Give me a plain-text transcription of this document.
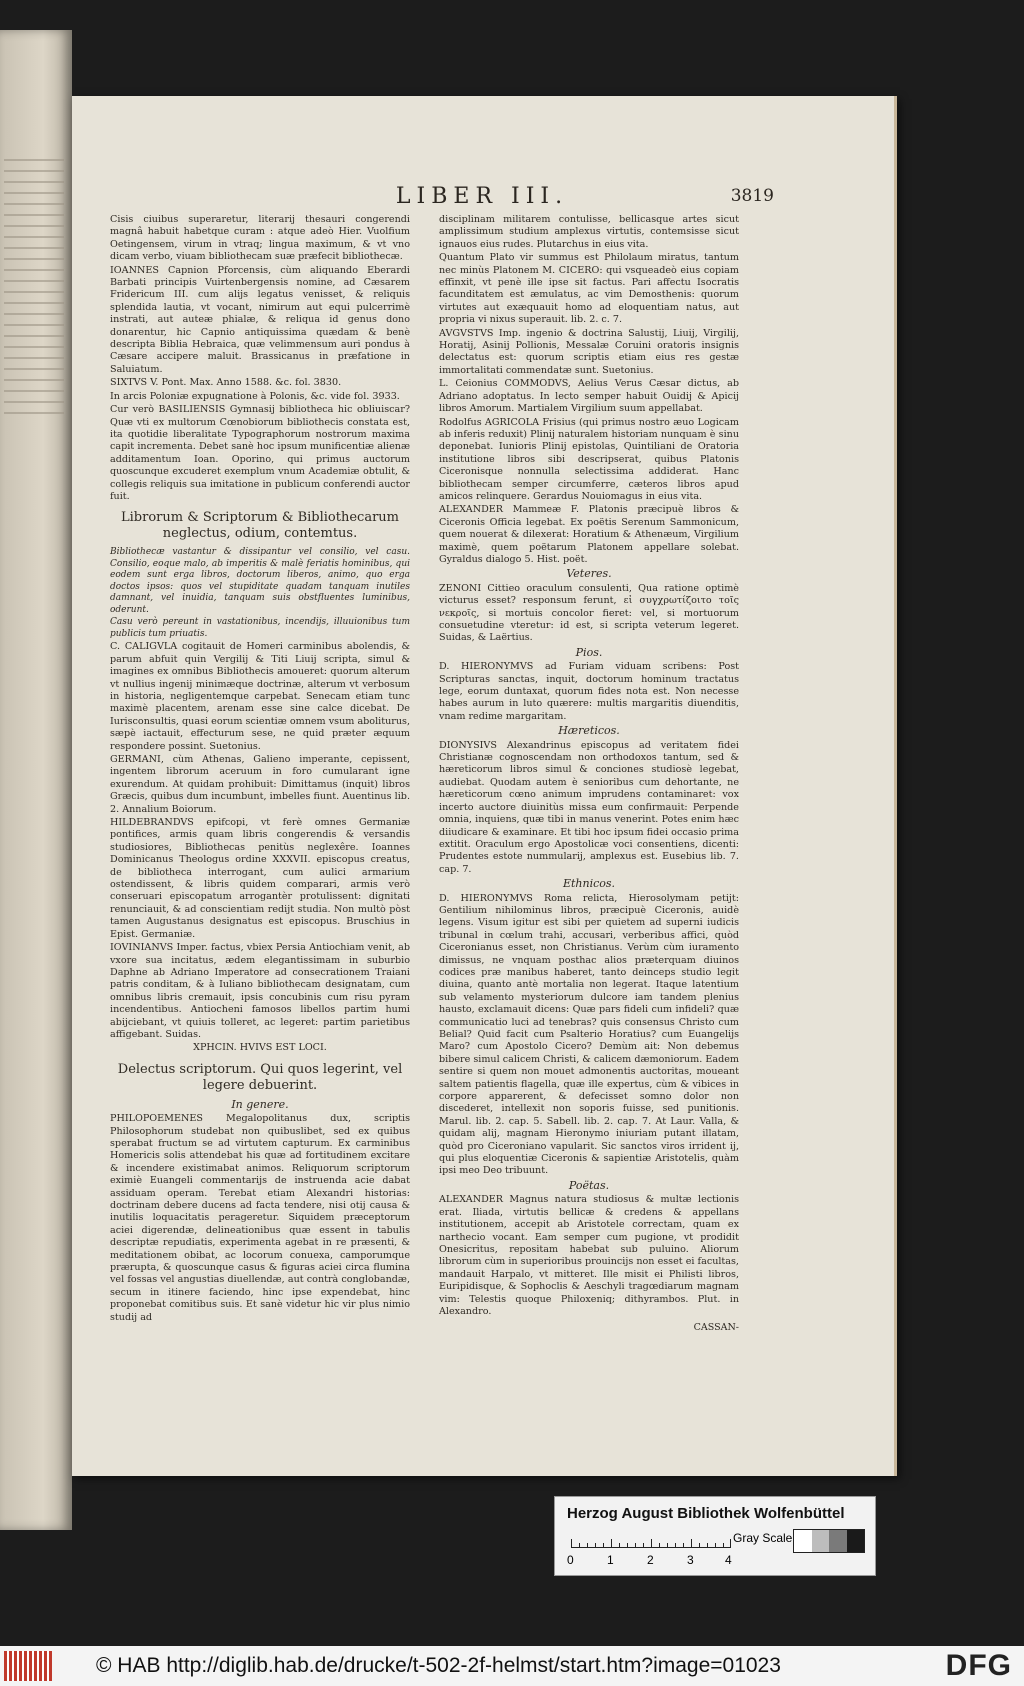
LIBER III.	3819

Cisis ciuibus superaretur, literarij thesauri congerendi magnâ habuit habetque curam : atque adeò Hier. Vuolfium Oetingensem, virum in vtraq; lingua maximum, & vt vno dicam verbo, viuam bibliothecam suæ præfecit bibliothecæ.

IOANNES Capnion Pforcensis, cùm aliquando Eberardi Barbati principis Vuirtenbergensis nomine, ad Cæsarem Fridericum III. cum alijs legatus venisset, & reliquis splendida lautia, vt vocant, nimirum aut equi pulcerrimè instrati, aut auteæ phialæ, & reliqua id genus dono donarentur, hic Capnio antiquissima quædam & benè descripta Biblia Hebraica, quæ velimmensum auri pondus à Cæsare accipere maluit. Brassicanus in præfatione in Saluiatum.

SIXTVS V. Pont. Max. Anno 1588. &c. fol. 3830.

In arcis Poloniæ expugnatione à Polonis, &c. vide fol. 3933.

Cur verò BASILIENSIS Gymnasij bibliotheca hic obliuiscar? Quæ vti ex multorum Cœnobiorum bibliothecis constata est, ita quotidie liberalitate Typographorum nostrorum maxima capit incrementa. Debet sanè hoc ipsum munificentiæ alienæ additamentum Ioan. Oporino, qui primus auctorum quoscunque excuderet exemplum vnum Academiæ obtulit, & collegis reliquis sua imitatione in publicum conferendi auctor fuit.

Librorum & Scriptorum & Bibliothecarum neglectus, odium, contemtus.

Bibliothecæ vastantur & dissipantur vel consilio, vel casu. Consilio, eoque malo, ab imperitis & malè feriatis hominibus, qui eodem sunt erga libros, doctorum liberos, animo, quo erga doctos ipsos: quos vel stupiditate quadam tanquam inutiles damnant, vel inuidia, tanquam suis obstfluentes luminibus, oderunt.

Casu verò pereunt in vastationibus, incendijs, illuuionibus tum publicis tum priuatis.

C. CALIGVLA cogitauit de Homeri carminibus abolendis, & parum abfuit quin Vergilij & Titi Liuij scripta, simul & imagines ex omnibus Bibliothecis amoueret: quorum alterum vt nullius ingenij minimæque doctrinæ, alterum vt verbosum in historia, negligentemque carpebat. Senecam etiam tunc maximè placentem, arenam esse sine calce dicebat. De Iurisconsultis, quasi eorum scientiæ omnem vsum aboliturus, sæpè iactauit, effecturum sese, ne quid præter æquum respondere possint. Suetonius.

GERMANI, cùm Athenas, Galieno imperante, cepissent, ingentem librorum aceruum in foro cumularant igne exurendum. At quidam prohibuit: Dimittamus (inquit) libros Græcis, quibus dum incumbunt, imbelles fiunt. Auentinus lib. 2. Annalium Boiorum.

HILDEBRANDVS epifcopi, vt ferè omnes Germaniæ pontifices, armis quam libris congerendis & versandis studiosiores, Bibliothecas penitùs neglexêre. Ioannes Dominicanus Theologus ordine XXXVII. episcopus creatus, de bibliotheca interrogant, cum aulici armarium ostendissent, & libris quidem comparari, armis verò conseruari episcopatum arrogantèr protulissent: dignitati renunciauit, & ad conscientiam redijt studia. Non multò pòst tamen Augustanus designatus est episcopus. Bruschius in Epist. Germaniæ.

IOVINIANVS Imper. factus, vbiex Persia Antiochiam venit, ab vxore sua incitatus, ædem elegantissimam in suburbio Daphne ab Adriano Imperatore ad consecrationem Traiani patris conditam, & à Iuliano bibliothecam designatam, cum omnibus libris cremauit, ipsis concubinis cum risu pyram incendentibus. Antiocheni famosos libellos partim humi abijciebant, vt quiuis tolleret, ac legeret: partim parietibus affigebant. Suidas.

XPHCIN. HVIVS EST LOCI.

Delectus scriptorum. Qui quos legerint, vel legere debuerint.
In genere.

PHILOPOEMENES Megalopolitanus dux, scriptis Philosophorum studebat non quibuslibet, sed ex quibus sperabat fructum se ad virtutem capturum. Ex carminibus Homericis solis attendebat his quæ ad fortitudinem excitare & incendere existimabat animos. Reliquorum scriptorum eximiè Euangeli commentarijs de instruenda acie dabat assiduam operam. Terebat etiam Alexandri historias: doctrinam debere ducens ad facta tendere, nisi otij causa & inutilis loquacitatis perageretur. Siquidem præceptorum aciei digerendæ, delineationibus quæ essent in tabulis descriptæ repudiatis, experimenta agebat in re præsenti, & meditationem obibat, ac locorum conuexa, camporumque prærupta, & quoscunque casus & figuras aciei circa flumina vel fossas vel angustias diuellendæ, aut contrà conglobandæ, secum in itinere faciendo, hinc ipse expendebat, hinc proponebat comitibus suis. Et sanè videtur hic vir plus nimio studij ad

disciplinam militarem contulisse, bellicasque artes sicut amplissimum studium amplexus virtutis, contemsisse sicut ignauos eius rudes. Plutarchus in eius vita.

Quantum Plato vir summus est Philolaum miratus, tantum nec minùs Platonem M. CICERO: qui vsqueadeò eius copiam effinxit, vt penè ille ipse sit factus. Pari affectu Isocratis facunditatem est æmulatus, ac vim Demosthenis: quorum virtutes aut exæquauit homo ad eloquentiam natus, aut propria vi nixus superauit. lib. 2. c. 7.

AVGVSTVS Imp. ingenio & doctrina Salustij, Liuij, Virgilij, Horatij, Asinij Pollionis, Messalæ Coruini oratoris insignis delectatus est: quorum scriptis etiam eius res gestæ immortalitati commendatæ sunt. Suetonius.

L. Ceionius COMMODVS, Aelius Verus Cæsar dictus, ab Adriano adoptatus. In lecto semper habuit Ouidij & Apicij libros Amorum. Martialem Virgilium suum appellabat.

Rodolfus AGRICOLA Frisius (qui primus nostro æuo Logicam ab inferis reduxit) Plinij naturalem historiam nunquam è sinu deponebat. Iunioris Plinij epistolas, Quintiliani de Oratoria institutione libros sibi descripserat, quibus Platonis Ciceronisque nonnulla selectissima addiderat. Hanc bibliothecam semper circumferre, cæteros libros apud amicos relinquere. Gerardus Nouiomagus in eius vita.

ALEXANDER Mammeæ F. Platonis præcipuè libros & Ciceronis Officia legebat. Ex poëtis Serenum Sammonicum, quem nouerat & dilexerat: Horatium & Athenæum, Virgilium maximè, quem poëtarum Platonem appellare solebat. Gyraldus dialogo 5. Hist. poët.

Veteres.

ZENONI Cittieo oraculum consulenti, Qua ratione optimè victurus esset? responsum ferunt, εἰ συγχρωτίζοιτο τοῖς νεκροῖς, si mortuis concolor fieret: vel, si mortuorum consuetudine vteretur: id est, si scripta veterum legeret. Suidas, & Laërtius.

Pios.

D. HIERONYMVS ad Furiam viduam scribens: Post Scripturas sanctas, inquit, doctorum hominum tractatus lege, eorum duntaxat, quorum fides nota est. Non necesse habes aurum in luto quærere: multis margaritis diuenditis, vnam redime margaritam.

Hæreticos.

DIONYSIVS Alexandrinus episcopus ad veritatem fidei Christianæ cognoscendam non orthodoxos tantum, sed & hæreticorum libros simul & conciones studiosè legebat, audiebat. Quodam autem è senioribus cum dehortante, ne hæreticorum cœno animum imprudens contaminaret: vox incerto auctore diuinitùs missa eum confirmauit: Perpende omnia, inquiens, quæ tibi in manus venerint. Potes enim hæc diiudicare & examinare. Et tibi hoc ipsum fidei occasio prima extitit. Oraculum ergo Apostolicæ voci consentiens, dicenti: Prudentes estote nummularij, amplexus est. Eusebius lib. 7. cap. 7.

Ethnicos.

D. HIERONYMVS Roma relicta, Hierosolymam petijt: Gentilium nihilominus libros, præcipuè Ciceronis, auidè legens. Visum igitur est sibi per quietem ad superni iudicis tribunal in cœlum trahi, accusari, verberibus affici, quòd Ciceronianus esset, non Christianus. Verùm cùm iuramento dimissus, ne vnquam posthac alios præterquam diuinos codices præ manibus haberet, tanto deinceps studio legit diuina, quanto antè mortalia non legerat. Itaque latentium sub velamento mysteriorum dulcore iam tandem plenius hausto, exclamauit dicens: Quæ pars fideli cum infideli? quæ communicatio luci ad tenebras? quis consensus Christo cum Belial? Quid facit cum Psalterio Horatius? cum Euangelijs Maro? cum Apostolo Cicero? Demùm ait: Non debemus bibere simul calicem Christi, & calicem dæmoniorum. Eadem sentire si quem non mouet admonentis auctoritas, moueant saltem patientis flagella, quæ ille expertus, cùm & vibices in corpore apparerent, & defecisset somno dolor non discederet, intellexit non soporis fuisse, sed punitionis. Marul. lib. 2. cap. 5. Sabell. lib. 2. cap. 7. At Laur. Valla, & quidam alij, magnam Hieronymo iniuriam putant illatam, quòd pro Ciceroniano vapularit. Sic sanctos viros irrident ij, qui plus eloquentiæ Ciceronis & sapientiæ Aristotelis, quàm ipsi meo Deo tribuunt.

Poëtas.

ALEXANDER Magnus natura studiosus & multæ lectionis erat. Iliada, virtutis bellicæ & credens & appellans institutionem, accepit ab Aristotele correctam, quam ex narthecio vocant. Eam semper cum pugione, vt prodidit Onesicritus, repositam habebat sub puluino. Aliorum librorum cùm in superioribus prouincijs non esset ei facultas, mandauit Harpalo, vt mitteret. Ille misit ei Philisti libros, Euripidisque, & Sophoclis & Aeschyli tragœdiarum magnam vim: Telestis quoque Philoxeniq; dithyrambos. Plut. in Alexandro.

CASSAN-
Herzog August Bibliothek Wolfenbüttel
0	1	2	3	4
Gray Scale
© HAB http://diglib.hab.de/drucke/t-502-2f-helmst/start.htm?image=01023	DFG
